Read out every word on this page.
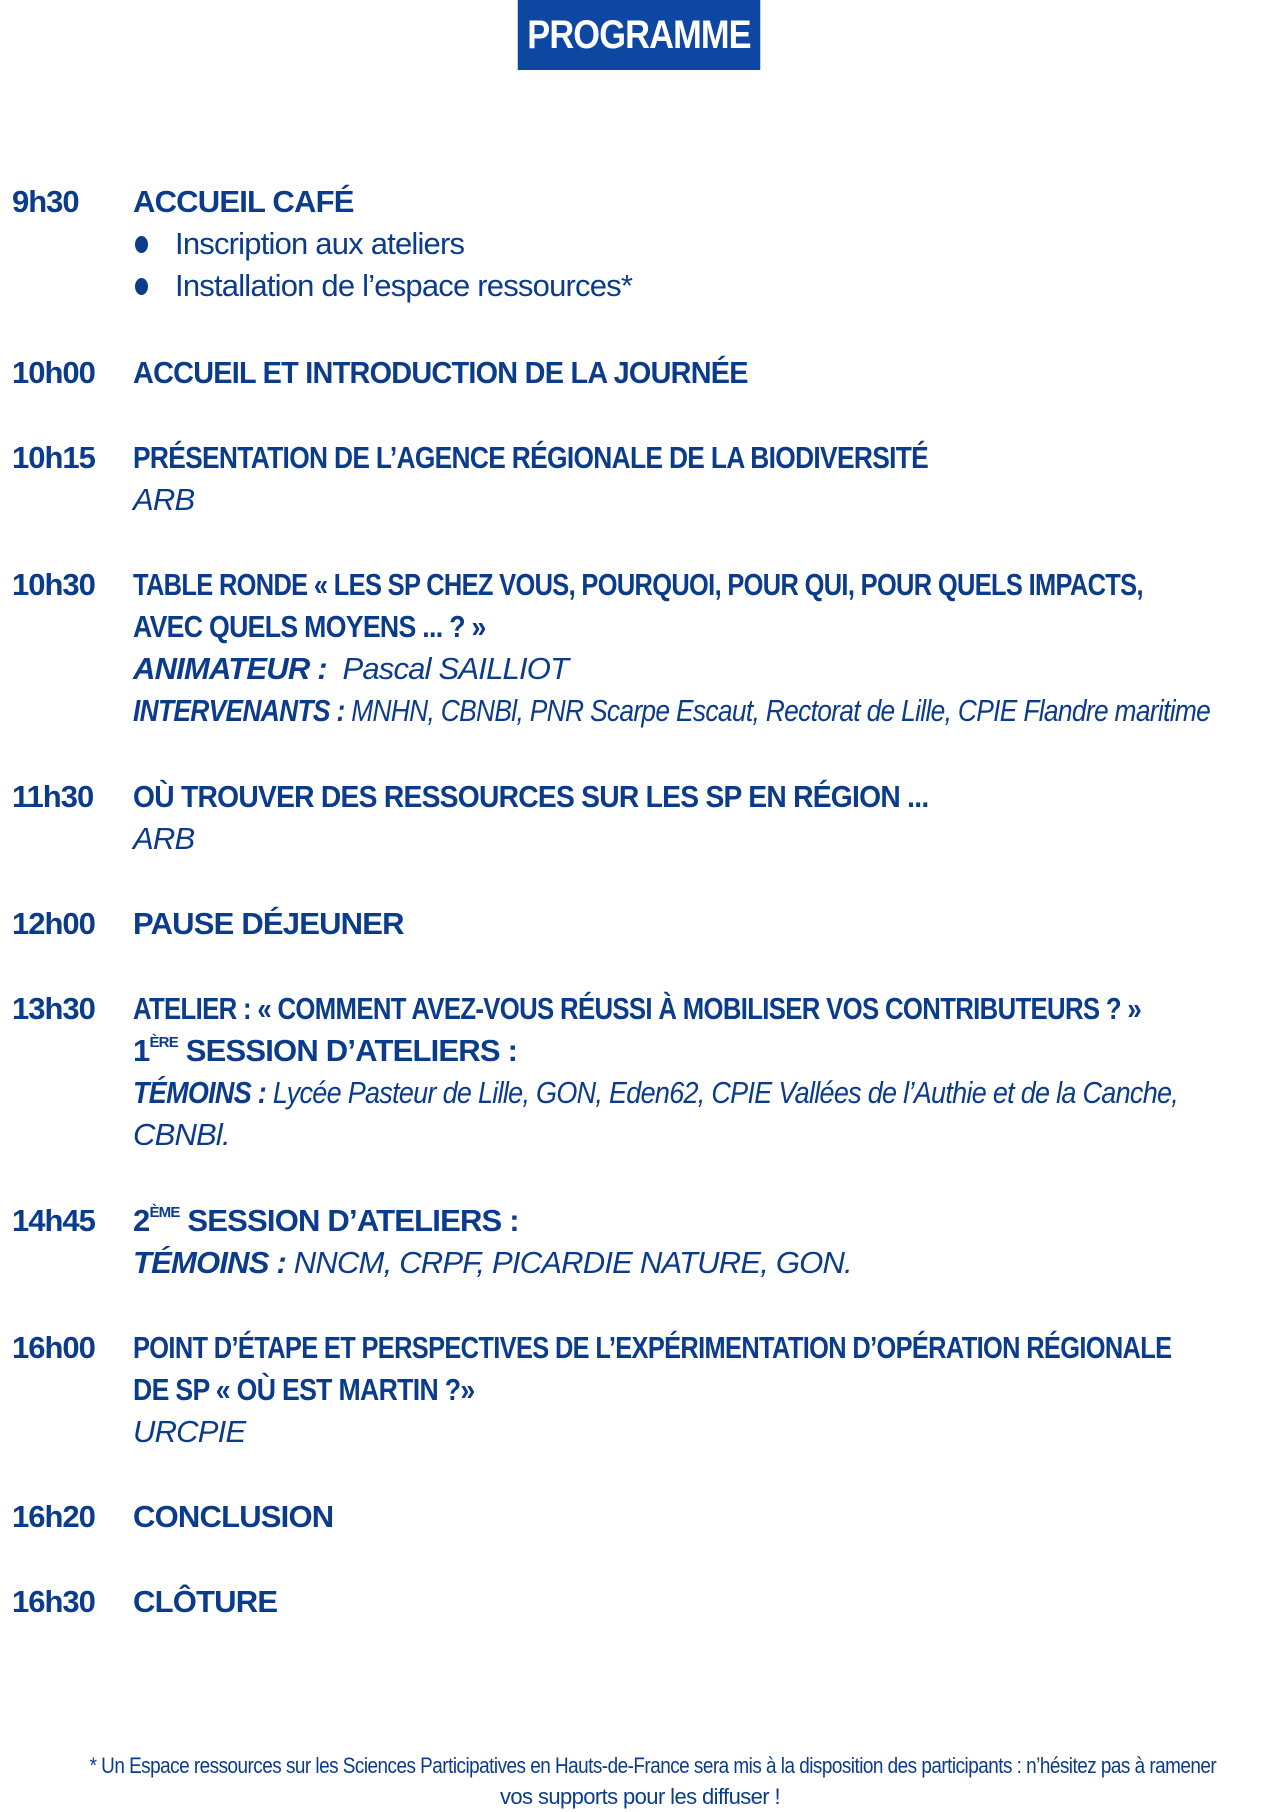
PROGRAMME
9h30	ACCUEIL CAFÉ
Inscription aux ateliers
Installation de l’espace ressources*
10h00	ACCUEIL ET INTRODUCTION DE LA JOURNÉE
10h15	PRÉSENTATION DE L’AGENCE RÉGIONALE DE LA BIODIVERSITÉ
ARB
10h30	TABLE RONDE « LES SP CHEZ VOUS, POURQUOI, POUR QUI, POUR QUELS IMPACTS,
AVEC QUELS MOYENS ... ? »
ANIMATEUR : Pascal SAILLIOT
INTERVENANTS : MNHN, CBNBl, PNR Scarpe Escaut, Rectorat de Lille, CPIE Flandre maritime
11h30	OÙ TROUVER DES RESSOURCES SUR LES SP EN RÉGION ...
ARB
12h00	PAUSE DÉJEUNER
13h30	ATELIER : « COMMENT AVEZ-VOUS RÉUSSI À MOBILISER VOS CONTRIBUTEURS ? »
1ÈRE SESSION D’ATELIERS :
TÉMOINS : Lycée Pasteur de Lille, GON, Eden62, CPIE Vallées de l’Authie et de la Canche,
CBNBl.
14h45	2ÈME SESSION D’ATELIERS :
TÉMOINS : NNCM, CRPF, PICARDIE NATURE, GON.
16h00	POINT D’ÉTAPE ET PERSPECTIVES DE L’EXPÉRIMENTATION D’OPÉRATION RÉGIONALE
DE SP « OÙ EST MARTIN ?»
URCPIE
16h20	CONCLUSION
16h30	CLÔTURE
* Un Espace ressources sur les Sciences Participatives en Hauts-de-France sera mis à la disposition des participants : n’hésitez pas à ramener
vos supports pour les diffuser !
